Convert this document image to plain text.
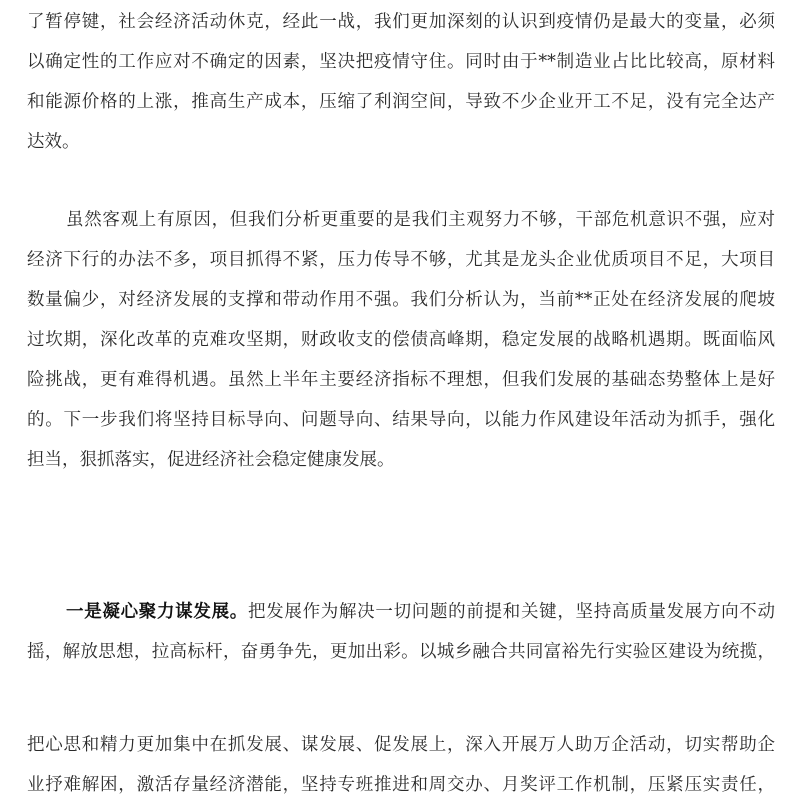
了暂停键，社会经济活动休克，经此一战，我们更加深刻的认识到疫情仍是最大的变量，必须
以确定性的工作应对不确定的因素，坚决把疫情守住。同时由于**制造业占比比较高，原材料
和能源价格的上涨，推高生产成本，压缩了利润空间，导致不少企业开工不足，没有完全达产
达效。
虽然客观上有原因，但我们分析更重要的是我们主观努力不够，干部危机意识不强，应对
经济下行的办法不多，项目抓得不紧，压力传导不够，尤其是龙头企业优质项目不足，大项目
数量偏少，对经济发展的支撑和带动作用不强。我们分析认为，当前**正处在经济发展的爬坡
过坎期，深化改革的克难攻坚期，财政收支的偿债高峰期，稳定发展的战略机遇期。既面临风
险挑战，更有难得机遇。虽然上半年主要经济指标不理想，但我们发展的基础态势整体上是好
的。下一步我们将坚持目标导向、问题导向、结果导向，以能力作风建设年活动为抓手，强化
担当，狠抓落实，促进经济社会稳定健康发展。
一是凝心聚力谋发展。把发展作为解决一切问题的前提和关键，坚持高质量发展方向不动
摇，解放思想，拉高标杆，奋勇争先，更加出彩。以城乡融合共同富裕先行实验区建设为统揽，
把心思和精力更加集中在抓发展、谋发展、促发展上，深入开展万人助万企活动，切实帮助企
业抒难解困，激活存量经济潜能，坚持专班推进和周交办、月奖评工作机制，压紧压实责任，
